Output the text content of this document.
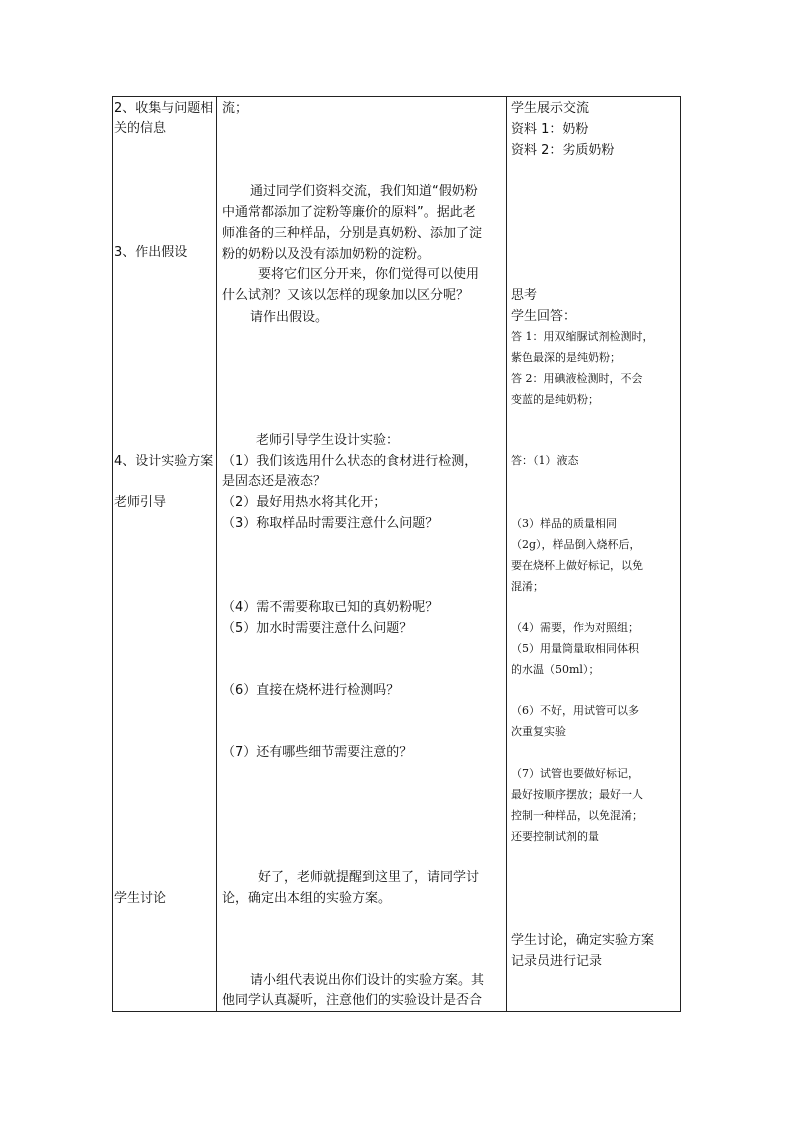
2、收集与问题相
关的信息
3、作出假设
4、设计实验方案
老师引导
学生讨论
流；
通过同学们资料交流，我们知道“假奶粉
中通常都添加了淀粉等廉价的原料”。据此老
师准备的三种样品，分别是真奶粉、添加了淀
粉的奶粉以及没有添加奶粉的淀粉。
要将它们区分开来，你们觉得可以使用
什么试剂？又该以怎样的现象加以区分呢？
请作出假设。
老师引导学生设计实验：
（1）我们该选用什么状态的食材进行检测，
是固态还是液态？
（2）最好用热水将其化开；
（3）称取样品时需要注意什么问题？
（4）需不需要称取已知的真奶粉呢？
（5）加水时需要注意什么问题？
（6）直接在烧杯进行检测吗？
（7）还有哪些细节需要注意的？
好了，老师就提醒到这里了，请同学讨
论，确定出本组的实验方案。
请小组代表说出你们设计的实验方案。其
他同学认真凝听，注意他们的实验设计是否合
学生展示交流
资料 1：奶粉
资料 2：劣质奶粉
思考
学生回答：
答 1：用双缩脲试剂检测时，
紫色最深的是纯奶粉；
答 2：用碘液检测时，不会
变蓝的是纯奶粉；
答：（1）液态
（3）样品的质量相同
（2g），样品倒入烧杯后，
要在烧杯上做好标记，以免
混淆；
（4）需要，作为对照组；
（5）用量筒量取相同体积
的水温（50ml）；
（6）不好，用试管可以多
次重复实验
（7）试管也要做好标记，
最好按顺序摆放；最好一人
控制一种样品，以免混淆；
还要控制试剂的量
学生讨论，确定实验方案
记录员进行记录
